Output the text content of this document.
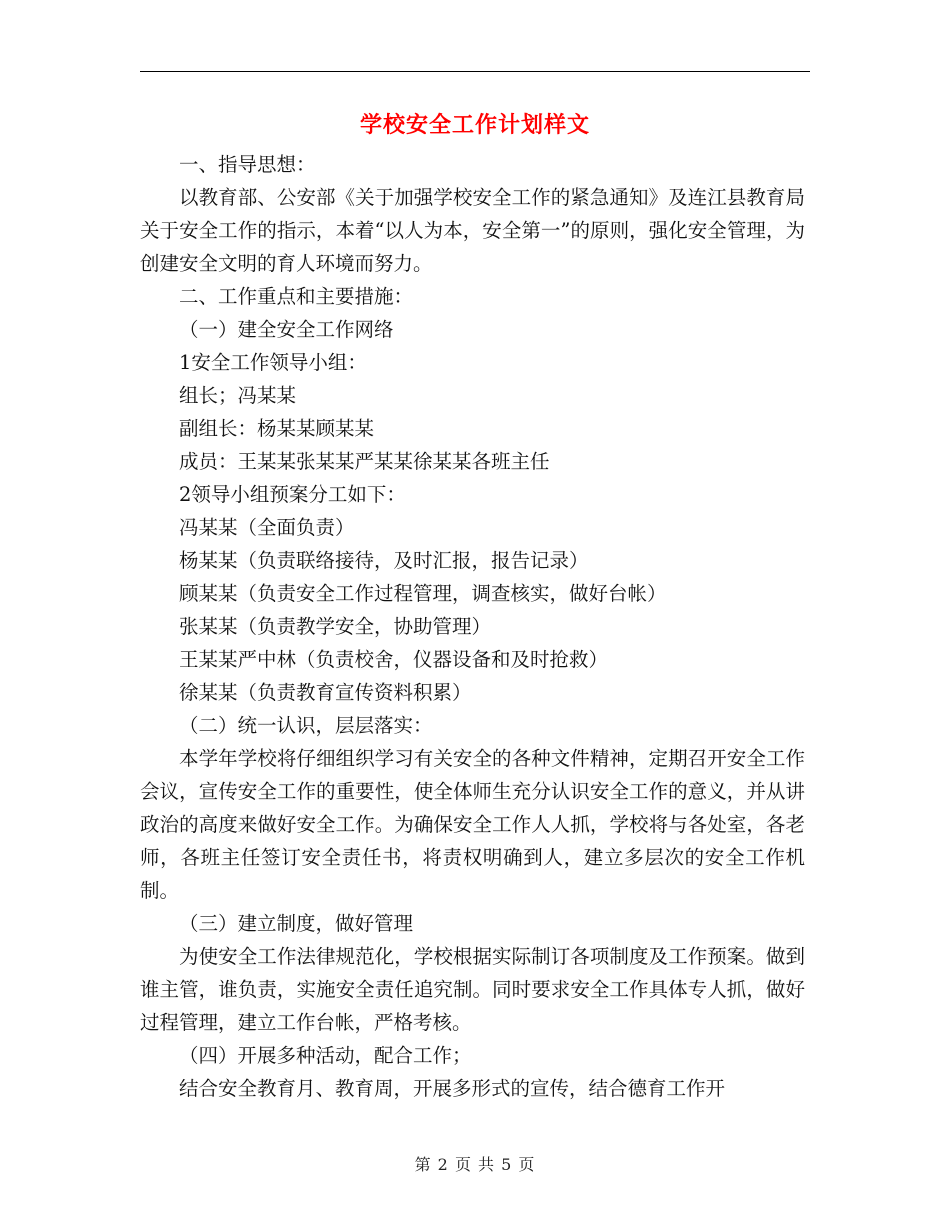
学校安全工作计划样文

一、指导思想：

以教育部、公安部《关于加强学校安全工作的紧急通知》及连江县教育局关于安全工作的指示，本着“以人为本，安全第一”的原则，强化安全管理，为创建安全文明的育人环境而努力。

二、工作重点和主要措施：

（一）建全安全工作网络

1安全工作领导小组：

组长；冯某某

副组长：杨某某顾某某

成员：王某某张某某严某某徐某某各班主任

2领导小组预案分工如下：

冯某某（全面负责）

杨某某（负责联络接待，及时汇报，报告记录）

顾某某（负责安全工作过程管理，调查核实，做好台帐）

张某某（负责教学安全，协助管理）

王某某严中林（负责校舍，仪器设备和及时抢救）

徐某某（负责教育宣传资料积累）

（二）统一认识，层层落实：

本学年学校将仔细组织学习有关安全的各种文件精神，定期召开安全工作会议，宣传安全工作的重要性，使全体师生充分认识安全工作的意义，并从讲政治的高度来做好安全工作。为确保安全工作人人抓，学校将与各处室，各老师，各班主任签订安全责任书，将责权明确到人，建立多层次的安全工作机制。

（三）建立制度，做好管理

为使安全工作法律规范化，学校根据实际制订各项制度及工作预案。做到谁主管，谁负责，实施安全责任追究制。同时要求安全工作具体专人抓，做好过程管理，建立工作台帐，严格考核。

（四）开展多种活动，配合工作；

结合安全教育月、教育周，开展多形式的宣传，结合德育工作开

第 2 页 共 5 页
